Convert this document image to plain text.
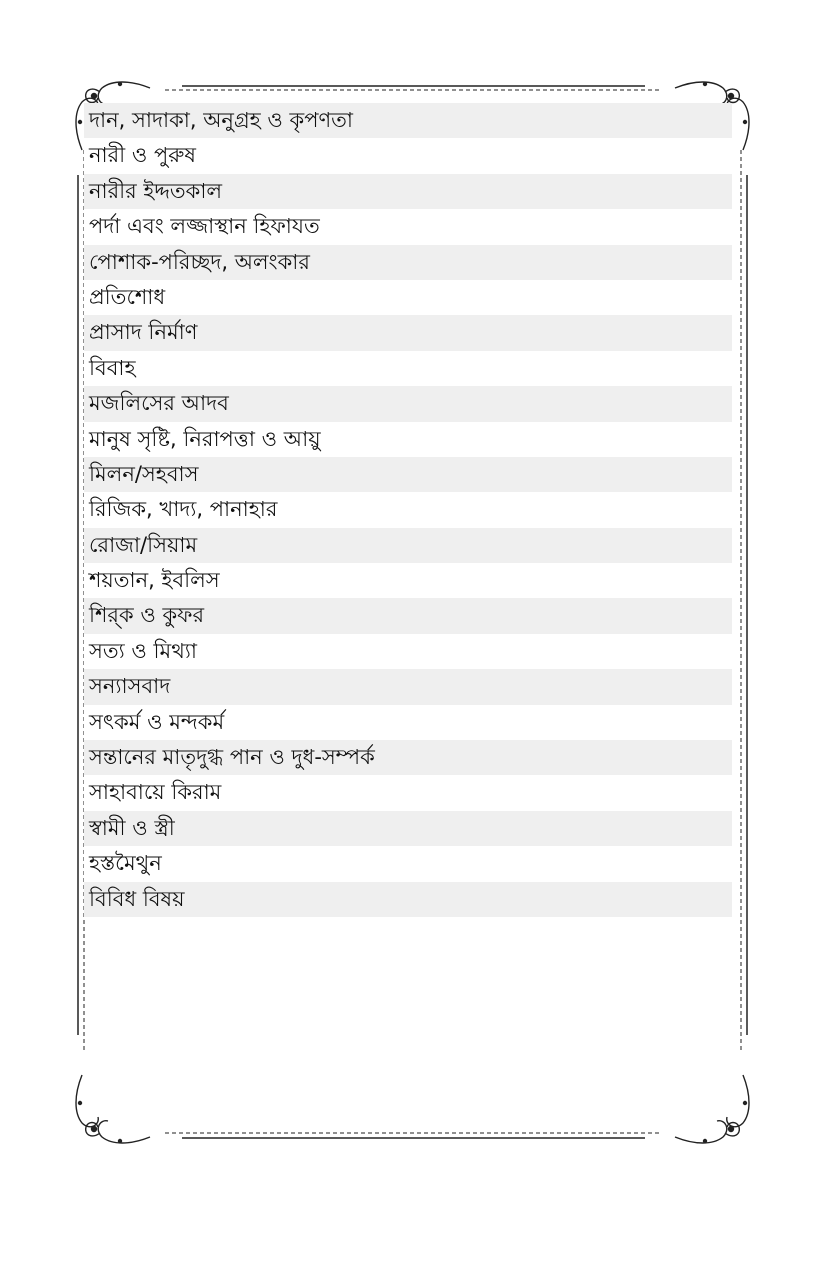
দান, সাদাকা, অনুগ্রহ ও কৃপণতা
নারী ও পুরুষ
নারীর ইদ্দতকাল
পর্দা এবং লজ্জাস্থান হিফাযত
পোশাক-পরিচ্ছদ, অলংকার
প্রতিশোধ
প্রাসাদ নির্মাণ
বিবাহ
মজলিসের আদব
মানুষ সৃষ্টি, নিরাপত্তা ও আয়ু
মিলন/সহবাস
রিজিক, খাদ্য, পানাহার
রোজা/সিয়াম
শয়তান, ইবলিস
শির্‌ক ও কুফর
সত্য ও মিথ্যা
সন্যাসবাদ
সৎকর্ম ও মন্দকর্ম
সন্তানের মাতৃদুগ্ধ পান ও দুধ-সম্পর্ক
সাহাবায়ে কিরাম
স্বামী ও স্ত্রী
হস্তমৈথুন
বিবিধ বিষয়
